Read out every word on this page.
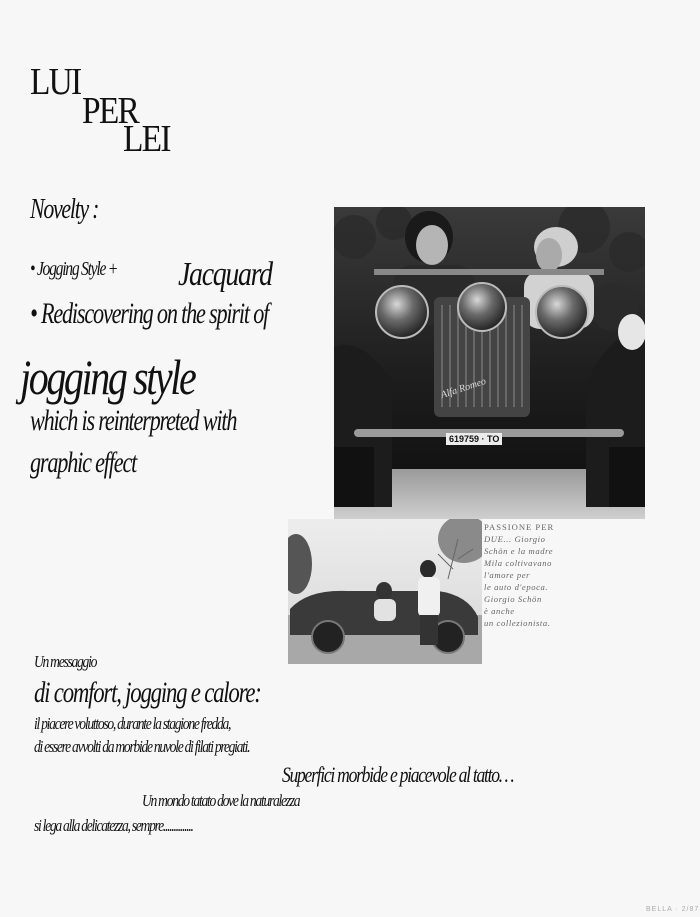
LUI
PER
LEI
Novelty :
• Jogging Style +	Jacquard
• Rediscovering on the spirit of
jogging style
which is reinterpreted with
graphic effect
Alfa Romeo
619759 · TO
PASSIONE PER
DUE... Giorgio
Schön e la madre
Mila coltivavano
l'amore per
le auto d'epoca.
Giorgio Schön
è anche
un collezionista.
Un messaggio
di comfort, jogging e calore:
il piacere voluttoso, durante la stagione fredda,
di essere avvolti da morbide nuvole di filati pregiati.
Superfici morbide e piacevole al tatto…
Un mondo tatato dove la naturalezza
si lega alla delicatezza, sempre..............
BELLA · 2/87
